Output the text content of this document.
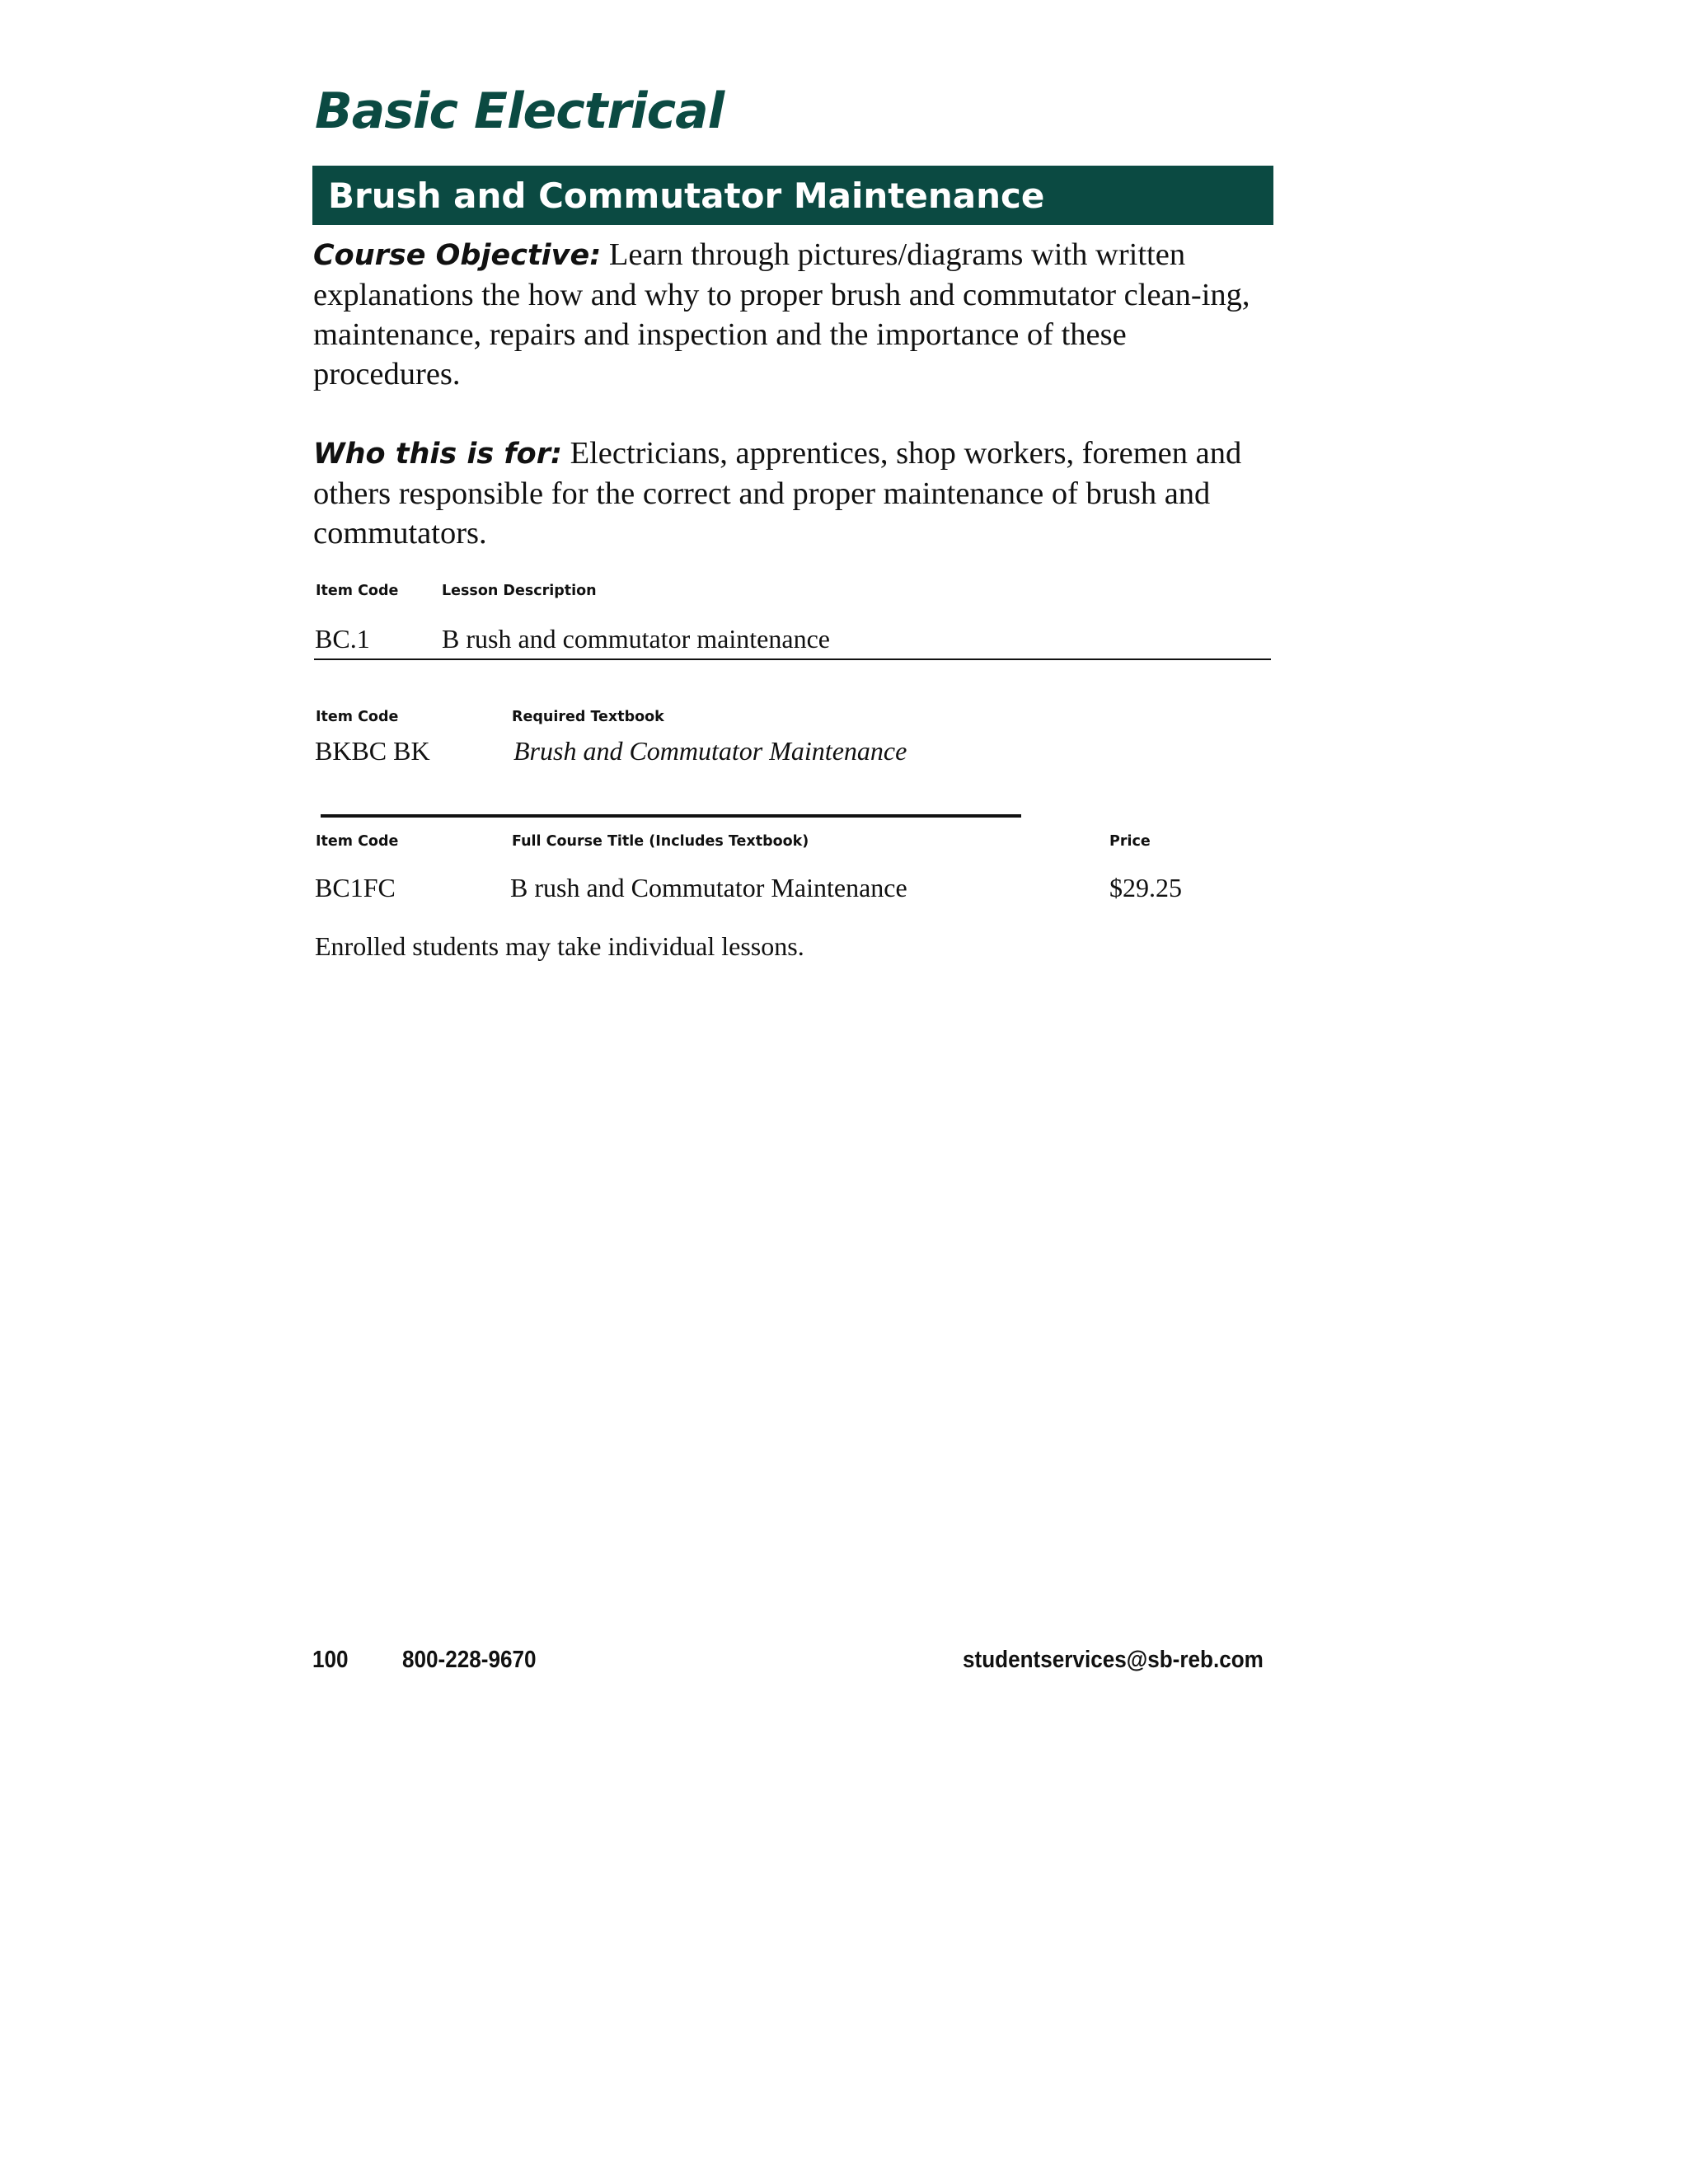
Basic Electrical
Brush and Commutator Maintenance

Course Objective: Learn through pictures/diagrams with written explanations the how and why to proper brush and commutator clean-ing, maintenance, repairs and inspection and the importance of these procedures.

Who this is for: Electricians, apprentices, shop workers, foremen and others responsible for the correct and proper maintenance of brush and commutators.

Item Code	Lesson Description
BC.1	B rush and commutator maintenance
Item Code	Required Textbook
BKBC BK	Brush and Commutator Maintenance
Item Code	Full Course Title (Includes Textbook)	Price
BC1FC	B rush and Commutator Maintenance	$29.25
Enrolled students may take individual lessons.
100 800-228-9670	studentservices@sb-reb.com
